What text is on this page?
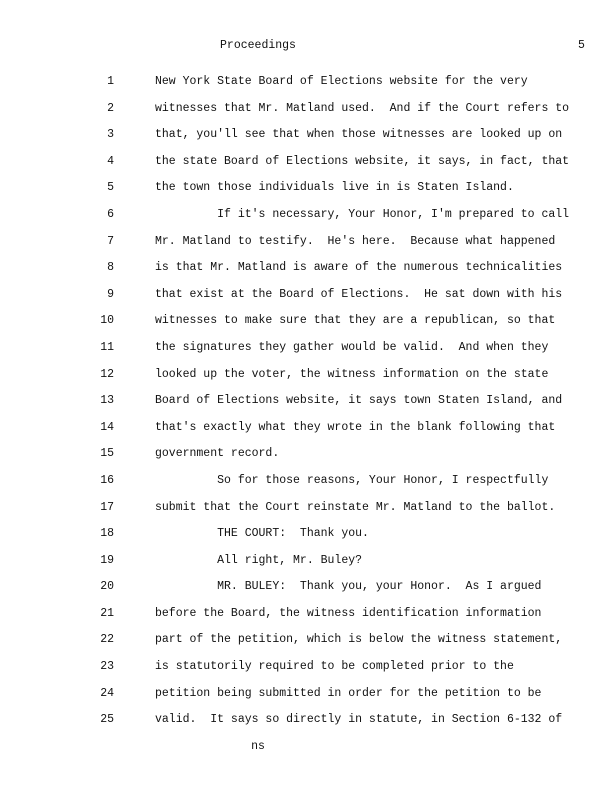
Proceedings	5
1	New York State Board of Elections website for the very
2	witnesses that Mr. Matland used.  And if the Court refers to
3	that, you'll see that when those witnesses are looked up on
4	the state Board of Elections website, it says, in fact, that
5	the town those individuals live in is Staten Island.
6	If it's necessary, Your Honor, I'm prepared to call
7	Mr. Matland to testify.  He's here.  Because what happened
8	is that Mr. Matland is aware of the numerous technicalities
9	that exist at the Board of Elections.  He sat down with his
10	witnesses to make sure that they are a republican, so that
11	the signatures they gather would be valid.  And when they
12	looked up the voter, the witness information on the state
13	Board of Elections website, it says town Staten Island, and
14	that's exactly what they wrote in the blank following that
15	government record.
16	So for those reasons, Your Honor, I respectfully
17	submit that the Court reinstate Mr. Matland to the ballot.
18	THE COURT:  Thank you.
19	All right, Mr. Buley?
20	MR. BULEY:  Thank you, your Honor.  As I argued
21	before the Board, the witness identification information
22	part of the petition, which is below the witness statement,
23	is statutorily required to be completed prior to the
24	petition being submitted in order for the petition to be
25	valid.  It says so directly in statute, in Section 6-132 of
ns
